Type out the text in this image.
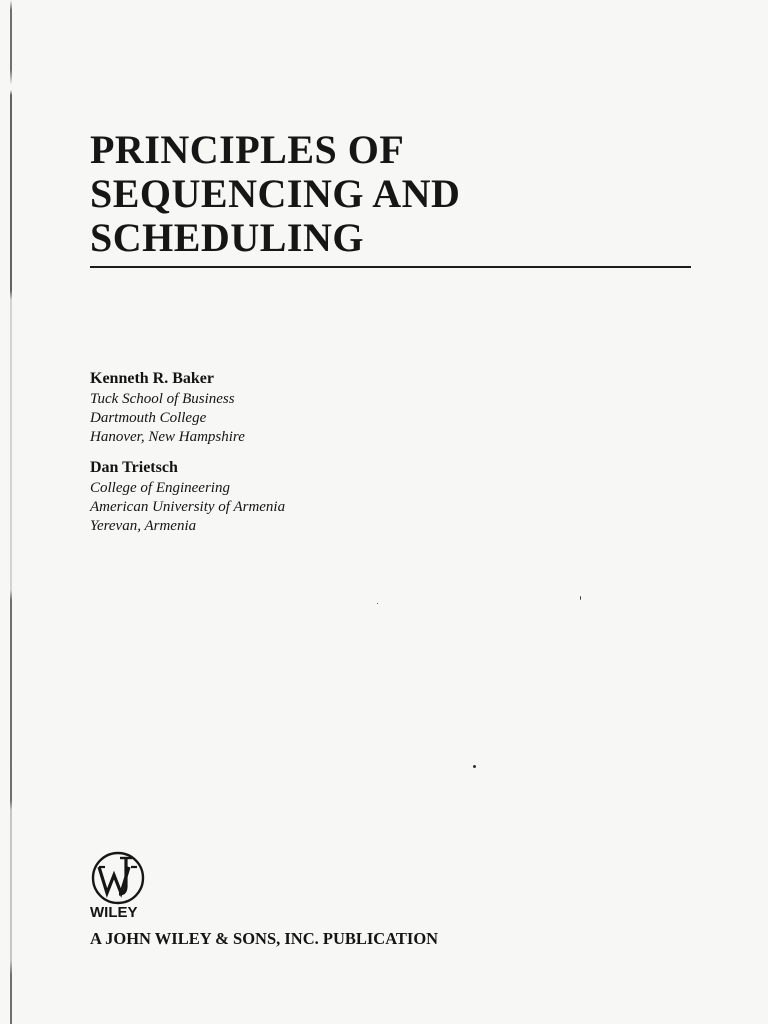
PRINCIPLES OF
SEQUENCING AND
SCHEDULING

Kenneth R. Baker

Tuck School of Business

Dartmouth College

Hanover, New Hampshire

Dan Trietsch

College of Engineering

American University of Armenia

Yerevan, Armenia

WILEY

A JOHN WILEY & SONS, INC. PUBLICATION
